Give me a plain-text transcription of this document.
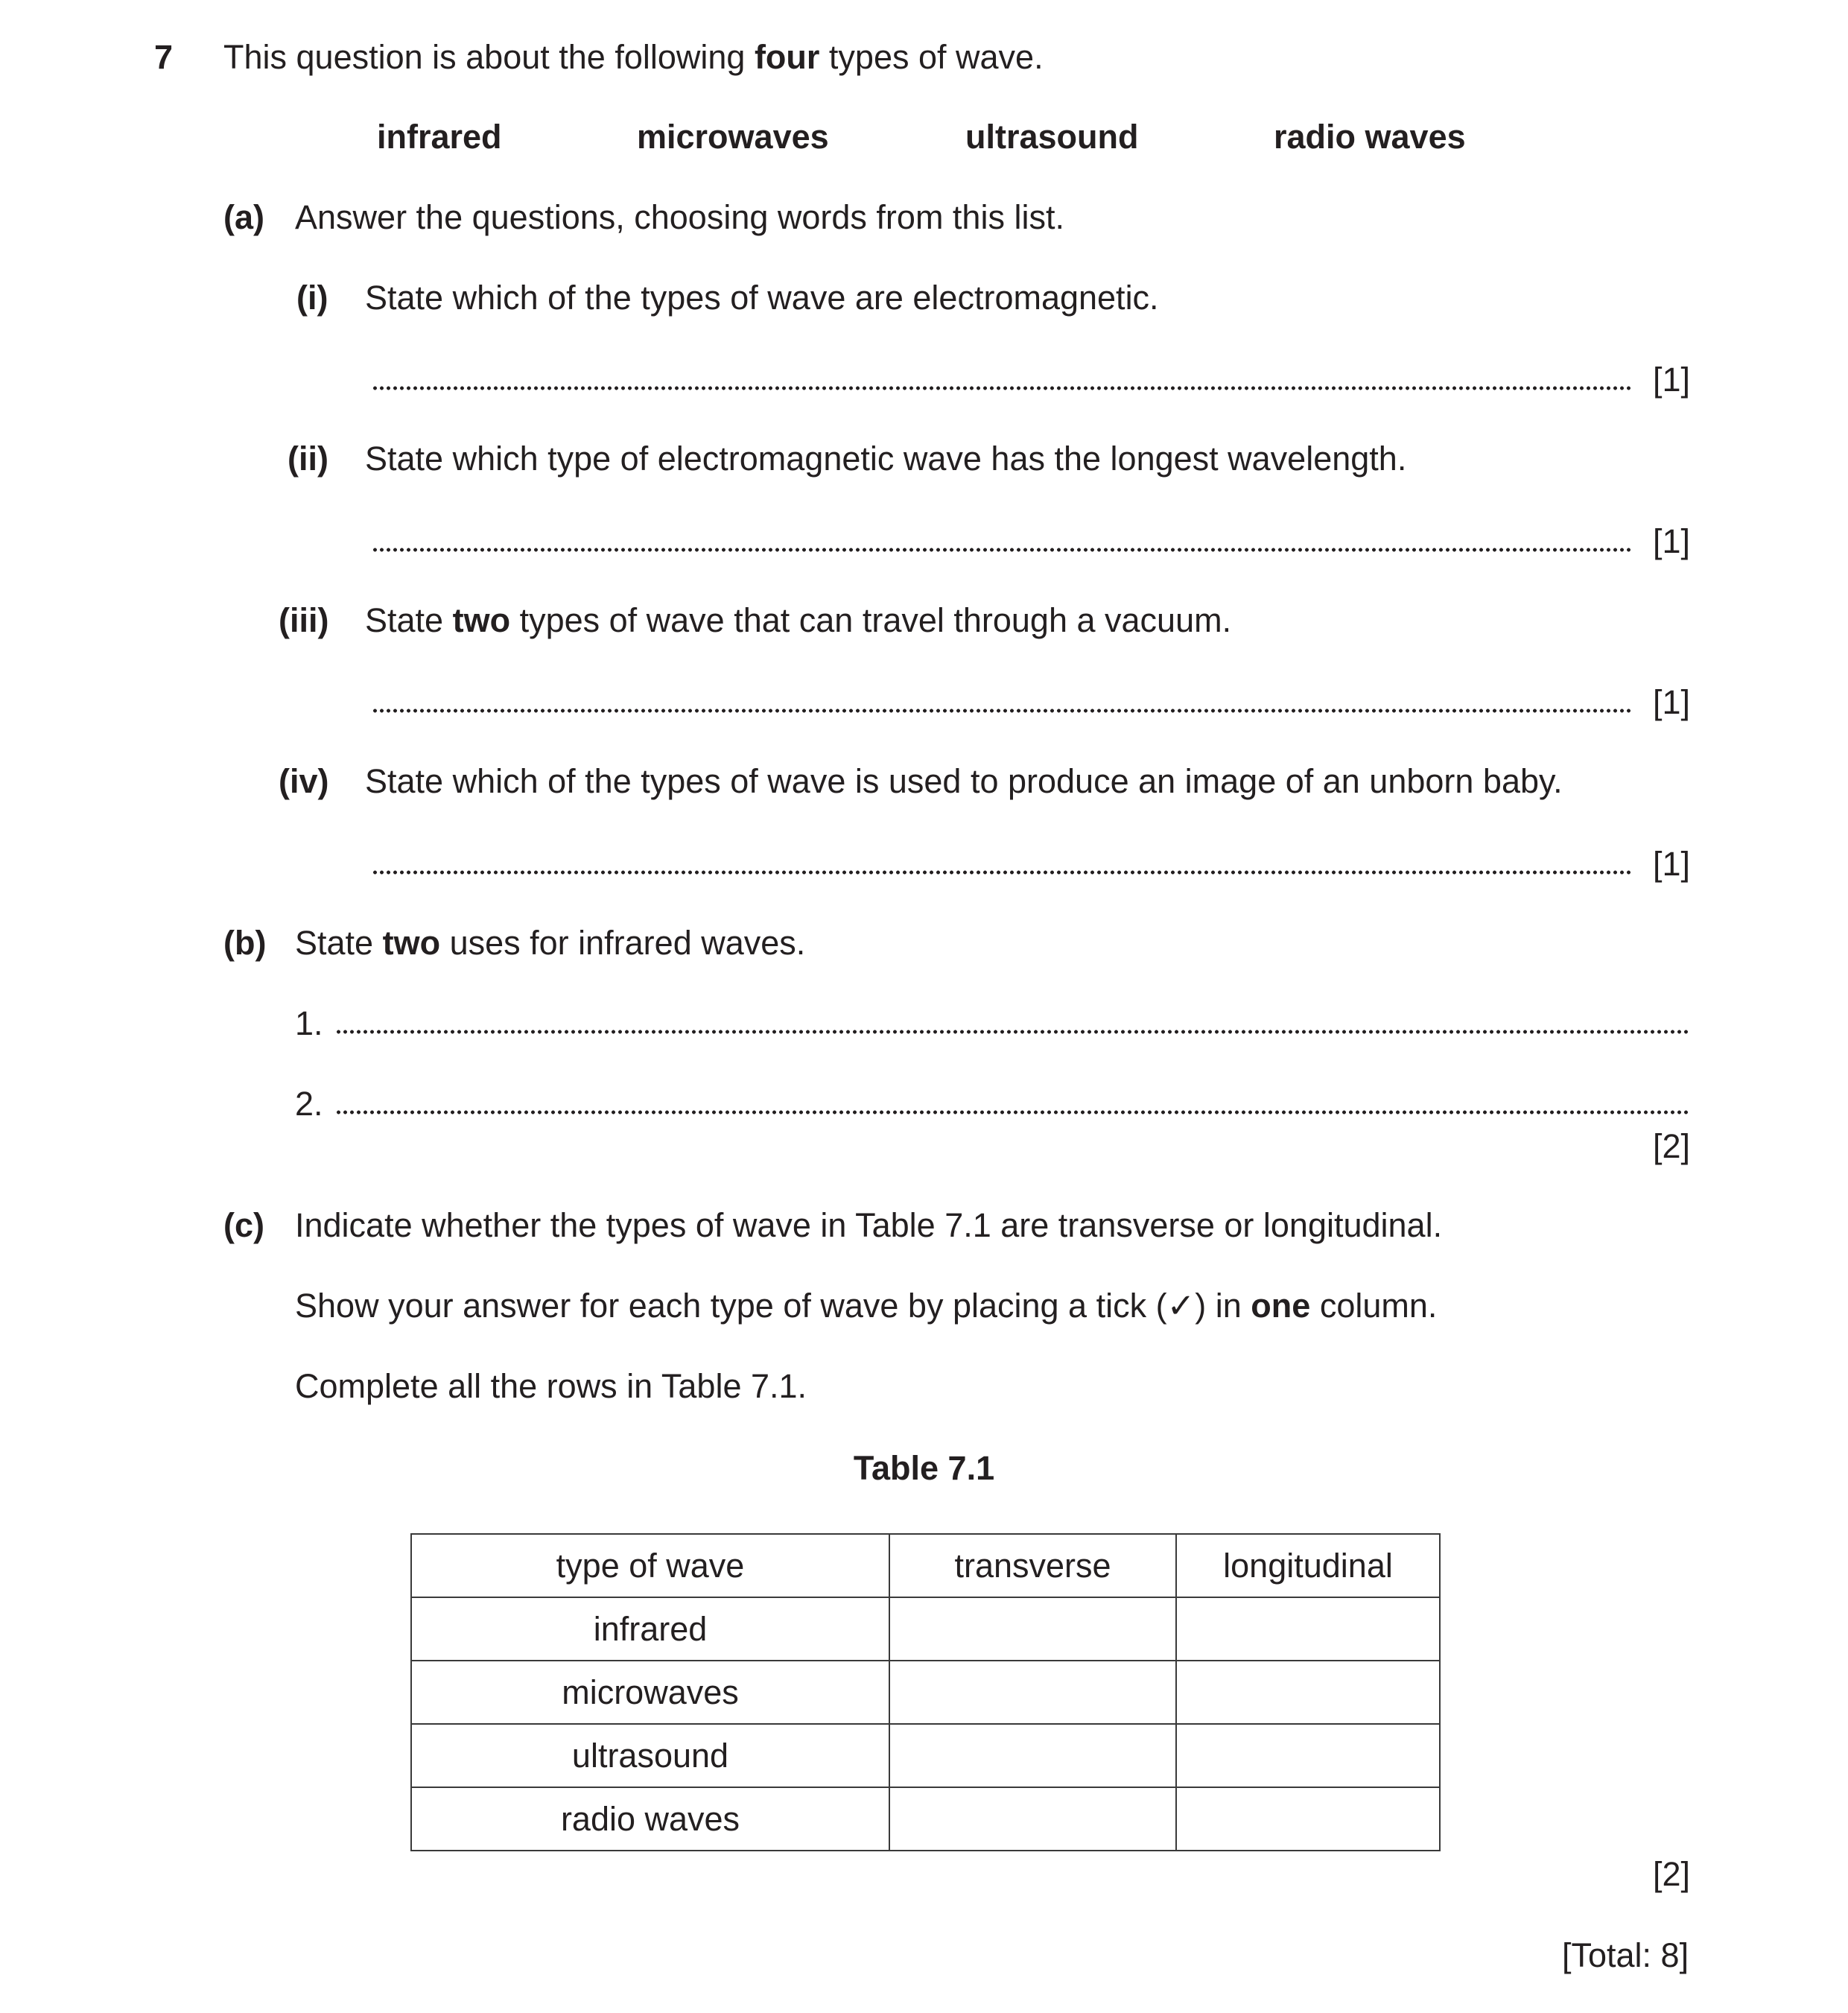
7 This question is about the following four types of wave.
infrared	microwaves	ultrasound	radio waves
(a) Answer the questions, choosing words from this list.
(i) State which of the types of wave are electromagnetic.
[1]
(ii) State which type of electromagnetic wave has the longest wavelength.
[1]
(iii) State two types of wave that can travel through a vacuum.
[1]
(iv) State which of the types of wave is used to produce an image of an unborn baby.
[1]
(b) State two uses for infrared waves.
1.
2.
[2]
(c) Indicate whether the types of wave in Table 7.1 are transverse or longitudinal.
Show your answer for each type of wave by placing a tick (✓) in one column.
Complete all the rows in Table 7.1.
Table 7.1
type of wave	transverse	longitudinal
infrared		
microwaves		
ultrasound		
radio waves		
[2]
[Total: 8]
